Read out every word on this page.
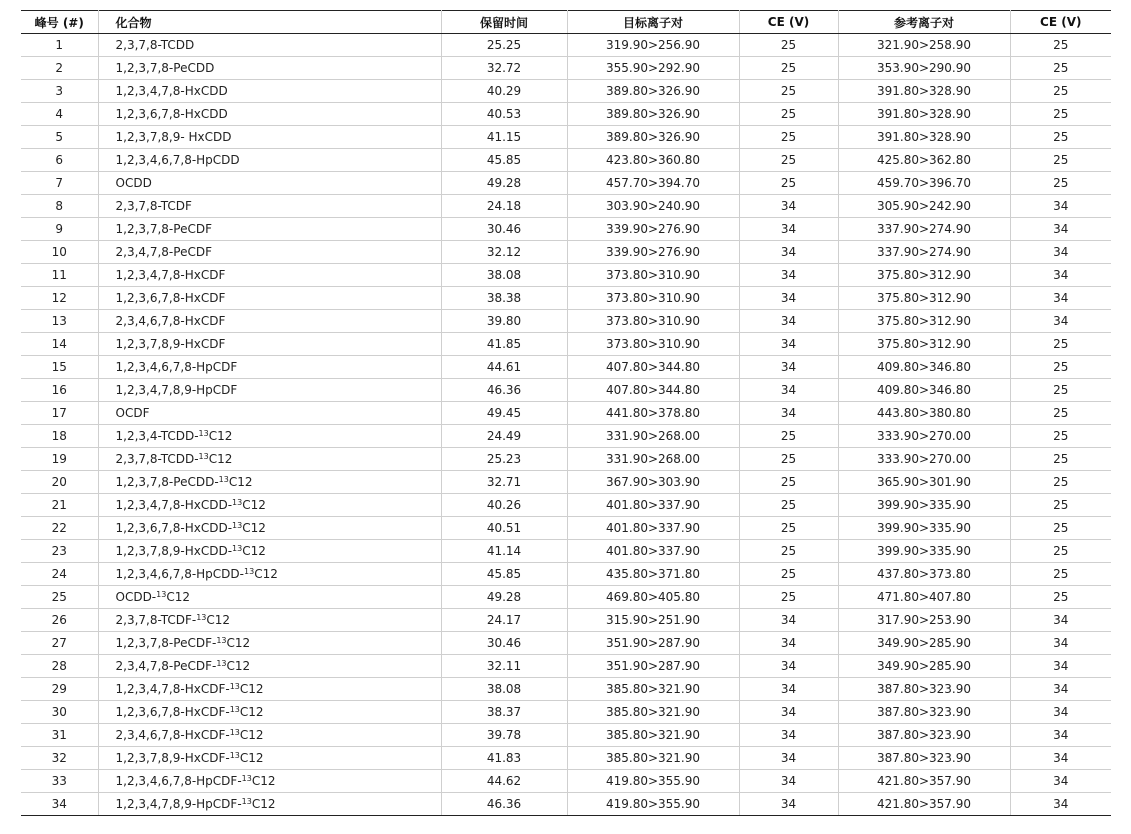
峰号 (#)	化合物	保留时间	目标离子对	CE (V)	参考离子对	CE (V)
1	2,3,7,8-TCDD	25.25	319.90>256.90	25	321.90>258.90	25
2	1,2,3,7,8-PeCDD	32.72	355.90>292.90	25	353.90>290.90	25
3	1,2,3,4,7,8-HxCDD	40.29	389.80>326.90	25	391.80>328.90	25
4	1,2,3,6,7,8-HxCDD	40.53	389.80>326.90	25	391.80>328.90	25
5	1,2,3,7,8,9- HxCDD	41.15	389.80>326.90	25	391.80>328.90	25
6	1,2,3,4,6,7,8-HpCDD	45.85	423.80>360.80	25	425.80>362.80	25
7	OCDD	49.28	457.70>394.70	25	459.70>396.70	25
8	2,3,7,8-TCDF	24.18	303.90>240.90	34	305.90>242.90	34
9	1,2,3,7,8-PeCDF	30.46	339.90>276.90	34	337.90>274.90	34
10	2,3,4,7,8-PeCDF	32.12	339.90>276.90	34	337.90>274.90	34
11	1,2,3,4,7,8-HxCDF	38.08	373.80>310.90	34	375.80>312.90	34
12	1,2,3,6,7,8-HxCDF	38.38	373.80>310.90	34	375.80>312.90	34
13	2,3,4,6,7,8-HxCDF	39.80	373.80>310.90	34	375.80>312.90	34
14	1,2,3,7,8,9-HxCDF	41.85	373.80>310.90	34	375.80>312.90	25
15	1,2,3,4,6,7,8-HpCDF	44.61	407.80>344.80	34	409.80>346.80	25
16	1,2,3,4,7,8,9-HpCDF	46.36	407.80>344.80	34	409.80>346.80	25
17	OCDF	49.45	441.80>378.80	34	443.80>380.80	25
18	1,2,3,4-TCDD-$^{13}$C12	24.49	331.90>268.00	25	333.90>270.00	25
19	2,3,7,8-TCDD-$^{13}$C12	25.23	331.90>268.00	25	333.90>270.00	25
20	1,2,3,7,8-PeCDD-$^{13}$C12	32.71	367.90>303.90	25	365.90>301.90	25
21	1,2,3,4,7,8-HxCDD-$^{13}$C12	40.26	401.80>337.90	25	399.90>335.90	25
22	1,2,3,6,7,8-HxCDD-$^{13}$C12	40.51	401.80>337.90	25	399.90>335.90	25
23	1,2,3,7,8,9-HxCDD-$^{13}$C12	41.14	401.80>337.90	25	399.90>335.90	25
24	1,2,3,4,6,7,8-HpCDD-$^{13}$C12	45.85	435.80>371.80	25	437.80>373.80	25
25	OCDD-$^{13}$C12	49.28	469.80>405.80	25	471.80>407.80	25
26	2,3,7,8-TCDF-$^{13}$C12	24.17	315.90>251.90	34	317.90>253.90	34
27	1,2,3,7,8-PeCDF-$^{13}$C12	30.46	351.90>287.90	34	349.90>285.90	34
28	2,3,4,7,8-PeCDF-$^{13}$C12	32.11	351.90>287.90	34	349.90>285.90	34
29	1,2,3,4,7,8-HxCDF-$^{13}$C12	38.08	385.80>321.90	34	387.80>323.90	34
30	1,2,3,6,7,8-HxCDF-$^{13}$C12	38.37	385.80>321.90	34	387.80>323.90	34
31	2,3,4,6,7,8-HxCDF-$^{13}$C12	39.78	385.80>321.90	34	387.80>323.90	34
32	1,2,3,7,8,9-HxCDF-$^{13}$C12	41.83	385.80>321.90	34	387.80>323.90	34
33	1,2,3,4,6,7,8-HpCDF-$^{13}$C12	44.62	419.80>355.90	34	421.80>357.90	34
34	1,2,3,4,7,8,9-HpCDF-$^{13}$C12	46.36	419.80>355.90	34	421.80>357.90	34
